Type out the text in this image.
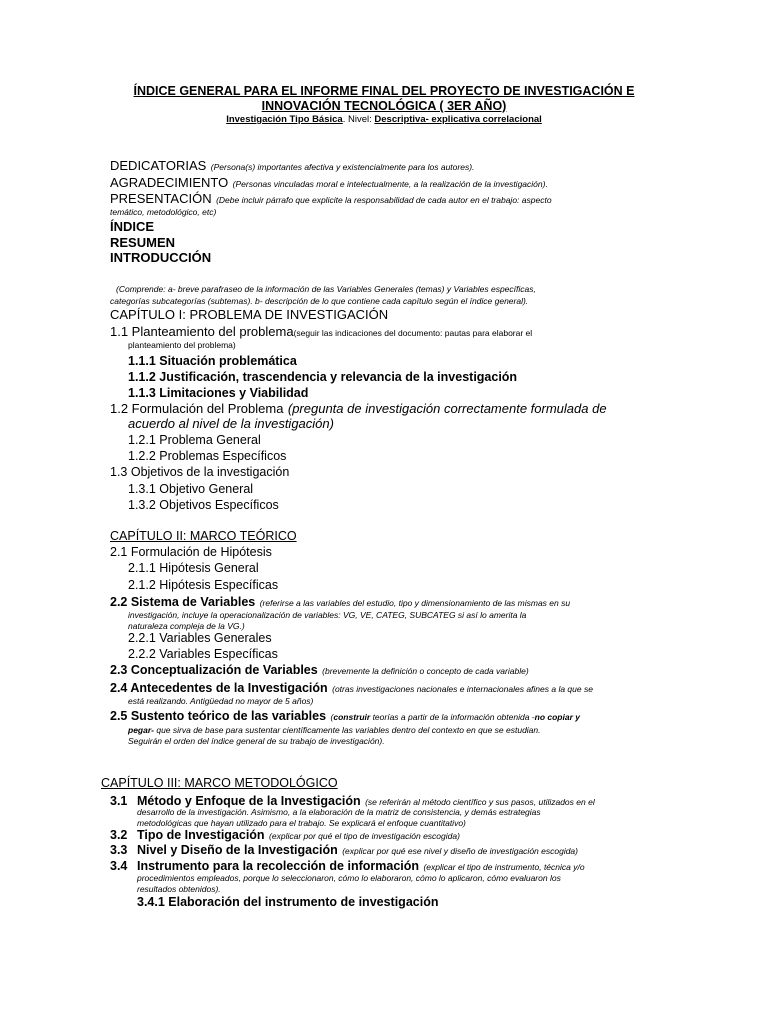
ÍNDICE GENERAL PARA EL INFORME FINAL DEL PROYECTO DE INVESTIGACIÓN E
INNOVACIÓN TECNOLÓGICA ( 3ER AÑO)
Investigación Tipo Básica. Nivel: Descriptiva- explicativa correlacional
DEDICATORIAS (Persona(s) importantes afectiva y existencialmente para los autores).
AGRADECIMIENTO (Personas vinculadas moral e intelectualmente, a la realización de la investigación).
PRESENTACIÓN (Debe incluir párrafo que explicite la responsabilidad de cada autor en el trabajo: aspecto
temático, metodológico, etc)
ÍNDICE
RESUMEN
INTRODUCCIÓN
(Comprende: a- breve parafraseo de la información de las Variables Generales (temas) y Variables específicas,
categorías subcategorías (subtemas). b- descripción de lo que contiene cada capítulo según el índice general).
CAPÍTULO I: PROBLEMA DE INVESTIGACIÓN
1.1 Planteamiento del problema(seguir las indicaciones del documento: pautas para elaborar el
planteamiento del problema)
1.1.1 Situación problemática
1.1.2 Justificación, trascendencia y relevancia de la investigación
1.1.3 Limitaciones y Viabilidad
1.2 Formulación del Problema (pregunta de investigación correctamente formulada de
acuerdo al nivel de la investigación)
1.2.1 Problema General
1.2.2 Problemas Específicos
1.3 Objetivos de la investigación
1.3.1 Objetivo General
1.3.2 Objetivos Específicos
CAPÍTULO II: MARCO TEÓRICO
2.1 Formulación de Hipótesis
2.1.1 Hipótesis General
2.1.2 Hipótesis Específicas
2.2 Sistema de Variables (referirse a las variables del estudio, tipo y dimensionamiento de las mismas en su
investigación, incluye la operacionalización de variables: VG, VE, CATEG, SUBCATEG si así lo amerita la
naturaleza compleja de la VG.)
2.2.1 Variables Generales
2.2.2 Variables Específicas
2.3 Conceptualización de Variables (brevemente la definición o concepto de cada variable)
2.4 Antecedentes de la Investigación (otras investigaciones nacionales e internacionales afines a la que se
está realizando. Antigüedad no mayor de 5 años)
2.5 Sustento teórico de las variables (construir teorías a partir de la información obtenida -no copiar y
pegar- que sirva de base para sustentar científicamente las variables dentro del contexto en que se estudian.
Seguirán el orden del índice general de su trabajo de investigación).
CAPÍTULO III: MARCO METODOLÓGICO
3.1 Método y Enfoque de la Investigación (se referirán al método científico y sus pasos, utilizados en el
desarrollo de la investigación. Asimismo, a la elaboración de la matriz de consistencia, y demás estrategias
metodológicas que hayan utilizado para el trabajo. Se explicará el enfoque cuantitativo)
3.2 Tipo de Investigación (explicar por qué el tipo de investigación escogida)
3.3 Nivel y Diseño de la Investigación (explicar por qué ese nivel y diseño de investigación escogida)
3.4 Instrumento para la recolección de información (explicar el tipo de instrumento, técnica y/o
procedimientos empleados, porque lo seleccionaron, cómo lo elaboraron, cómo lo aplicaron, cómo evaluaron los
resultados obtenidos).
3.4.1 Elaboración del instrumento de investigación
